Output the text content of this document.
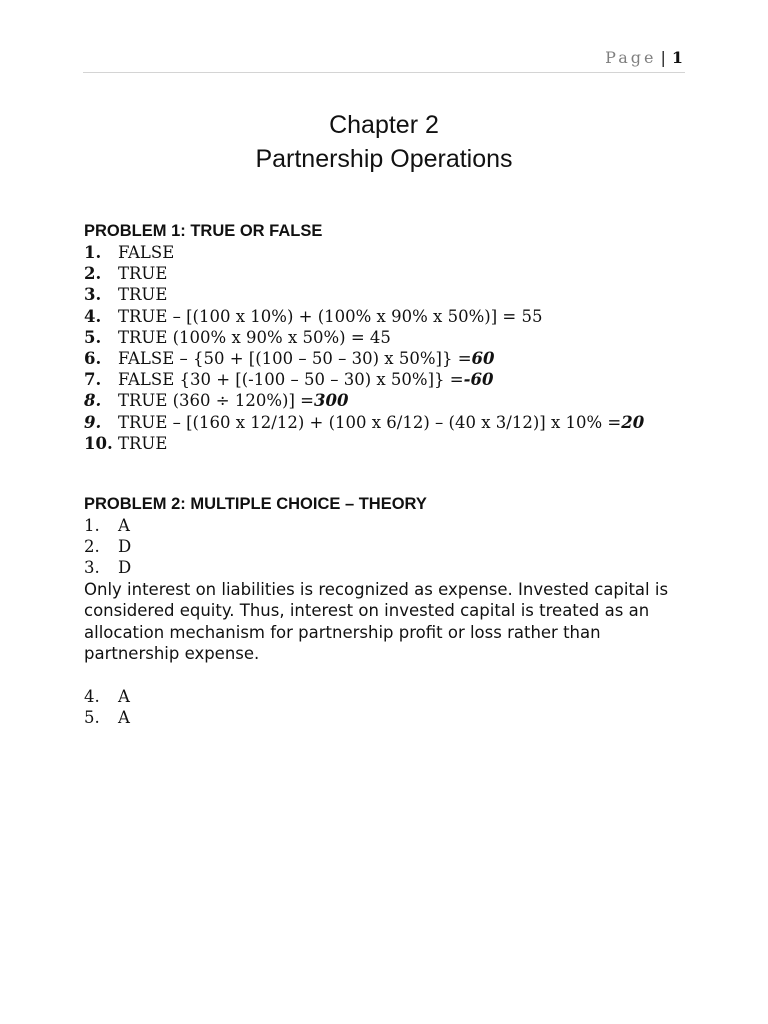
Page | 1
Chapter 2
Partnership Operations
PROBLEM 1: TRUE OR FALSE
1.	FALSE
2.	TRUE
3.	TRUE
4.	TRUE – [(100 x 10%) + (100% x 90% x 50%)] = 55
5.	TRUE (100% x 90% x 50%) = 45
6.	FALSE – {50 + [(100 – 50 – 30) x 50%]} = 60
7.	FALSE {30 + [(-100 – 50 – 30) x 50%]} = -60
8.	TRUE (360 ÷ 120%)] = 300
9.	TRUE – [(160 x 12/12) + (100 x 6/12) – (40 x 3/12)] x 10% = 20
10. TRUE
PROBLEM 2: MULTIPLE CHOICE – THEORY
1.	A
2.	D
3.	D

Only interest on liabilities is recognized as expense. Invested capital is considered equity. Thus, interest on invested capital is treated as an allocation mechanism for partnership profit or loss rather than partnership expense.

4.	A
5.	A
